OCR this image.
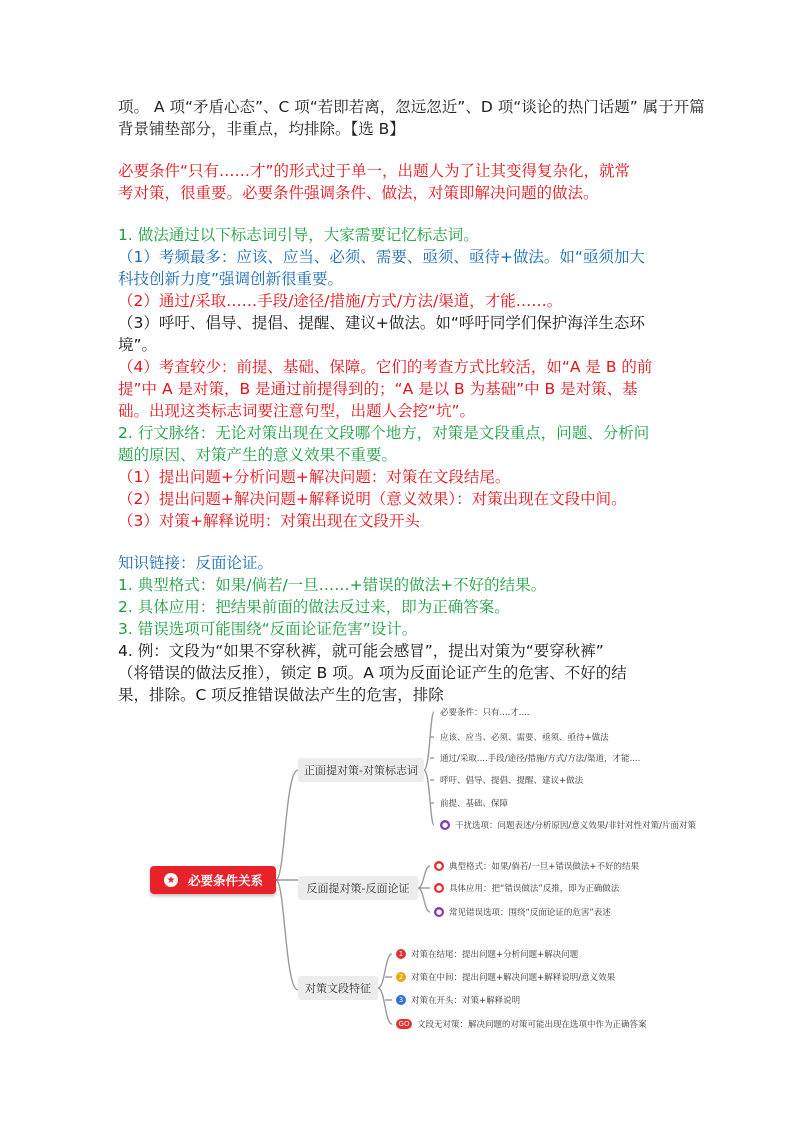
项。 A 项“矛盾心态”、C 项“若即若离，忽远忽近”、D 项“谈论的热门话题” 属于开篇
背景铺垫部分，非重点，均排除。【选 B】
必要条件“只有……才”的形式过于单一，出题人为了让其变得复杂化，就常
考对策，很重要。必要条件强调条件、做法，对策即解决问题的做法。
1. 做法通过以下标志词引导，大家需要记忆标志词。
（1）考频最多：应该、应当、必须、需要、亟须、亟待+做法。如“亟须加大
科技创新力度”强调创新很重要。
（2）通过/采取……手段/途径/措施/方式/方法/渠道，才能……。
（3）呼吁、倡导、提倡、提醒、建议+做法。如“呼吁同学们保护海洋生态环
境”。
（4）考查较少：前提、基础、保障。它们的考查方式比较活，如“A 是 B 的前
提”中 A 是对策，B 是通过前提得到的；“A 是以 B 为基础”中 B 是对策、基
础。出现这类标志词要注意句型，出题人会挖“坑”。
2. 行文脉络：无论对策出现在文段哪个地方，对策是文段重点，问题、分析问
题的原因、对策产生的意义效果不重要。
（1）提出问题+分析问题+解决问题：对策在文段结尾。
（2）提出问题+解决问题+解释说明（意义效果）：对策出现在文段中间。
（3）对策+解释说明：对策出现在文段开头
知识链接：反面论证。
1. 典型格式：如果/倘若/一旦……+错误的做法+不好的结果。
2. 具体应用：把结果前面的做法反过来，即为正确答案。
3. 错误选项可能围绕“反面论证危害”设计。
4. 例：文段为“如果不穿秋裤，就可能会感冒”，提出对策为“要穿秋裤”
（将错误的做法反推），锁定 B 项。A 项为反面论证产生的危害、不好的结
果，排除。C 项反推错误做法产生的危害，排除
★ 必要条件关系
正面提对策-对策标志词
反面提对策-反面论证
对策文段特征
必要条件：只有....才....
应该、应当、必须、需要、亟须、亟待+做法
通过/采取....手段/途径/措施/方式/方法/渠道，才能....
呼吁、倡导、提倡、提醒、建议+做法
前提、基础、保障
● 干扰选项：问题表述/分析原因/意义效果/非针对性对策/片面对策
● 典型格式：如果/倘若/一旦+错误做法+不好的结果
● 具体应用：把“错误做法”反推，即为正确做法
● 常见错误选项：围绕“反面论证的危害”表述
1 对策在结尾：提出问题+分析问题+解决问题
2 对策在中间：提出问题+解决问题+解释说明/意义效果
3 对策在开头：对策+解释说明
GO 文段无对策：解决问题的对策可能出现在选项中作为正确答案
